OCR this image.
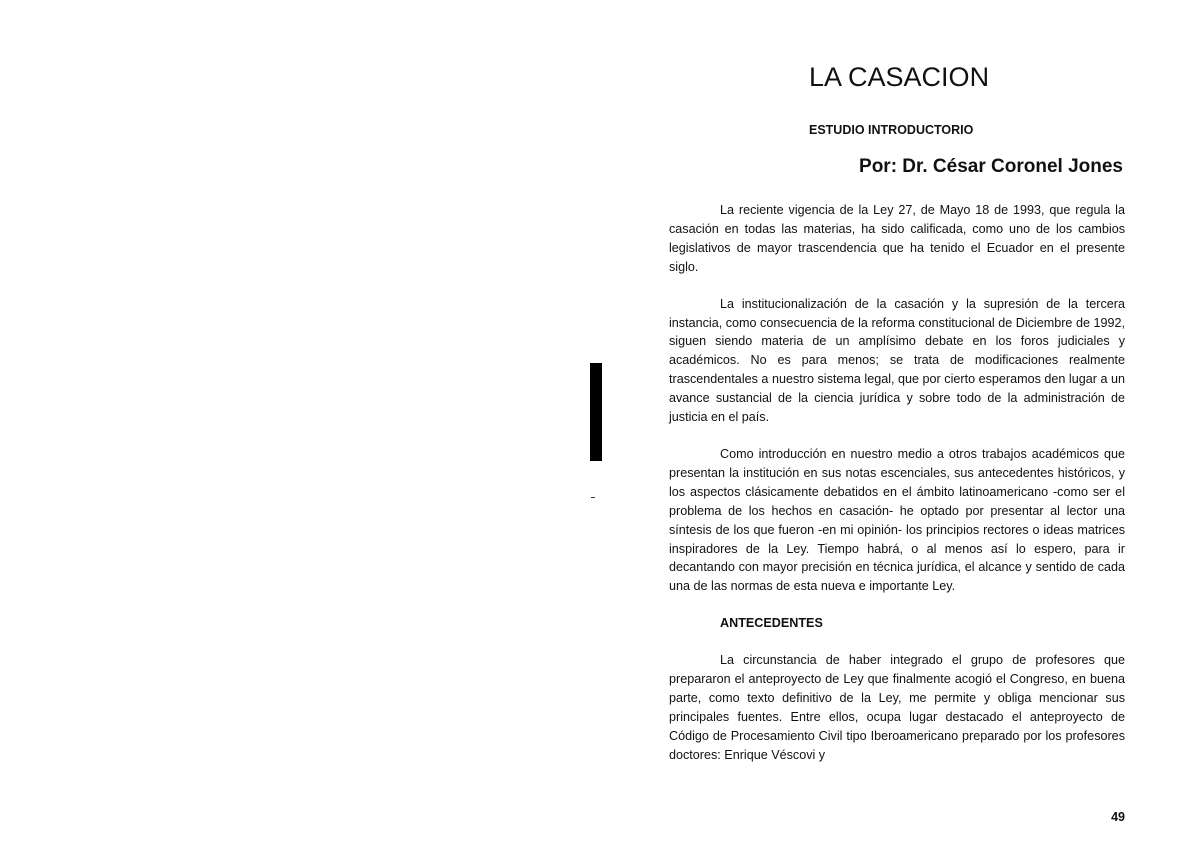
LA CASACION
ESTUDIO INTRODUCTORIO
Por: Dr. César Coronel Jones

La reciente vigencia de la Ley 27, de Mayo 18 de 1993, que regula la casación en todas las materias, ha sido calificada, como uno de los cambios legislativos de mayor trascendencia que ha tenido el Ecuador en el presente siglo.

La institucionalización de la casación y la supresión de la tercera instancia, como consecuencia de la reforma constitucional de Diciembre de 1992, siguen siendo materia de un amplísimo debate en los foros judiciales y académicos. No es para menos; se trata de modificaciones realmente trascendentales a nuestro sistema legal, que por cierto esperamos den lugar a un avance sustancial de la ciencia jurídica y sobre todo de la administración de justicia en el país.

Como introducción en nuestro medio a otros trabajos académicos que presentan la institución en sus notas escenciales, sus antecedentes históricos, y los aspectos clásicamente debatidos en el ámbito latinoamericano -como ser el problema de los hechos en casación- he optado por presentar al lector una síntesis de los que fueron -en mi opinión- los principios rectores o ideas matrices inspiradores de la Ley. Tiempo habrá, o al menos así lo espero, para ir decantando con mayor precisión en técnica jurídica, el alcance y sentido de cada una de las normas de esta nueva e importante Ley.

ANTECEDENTES

La circunstancia de haber integrado el grupo de profesores que prepararon el anteproyecto de Ley que finalmente acogió el Congreso, en buena parte, como texto definitivo de la Ley, me permite y obliga mencionar sus principales fuentes. Entre ellos, ocupa lugar destacado el anteproyecto de Código de Procesamiento Civil tipo Iberoamericano preparado por los profesores doctores: Enrique Véscovi y

49
